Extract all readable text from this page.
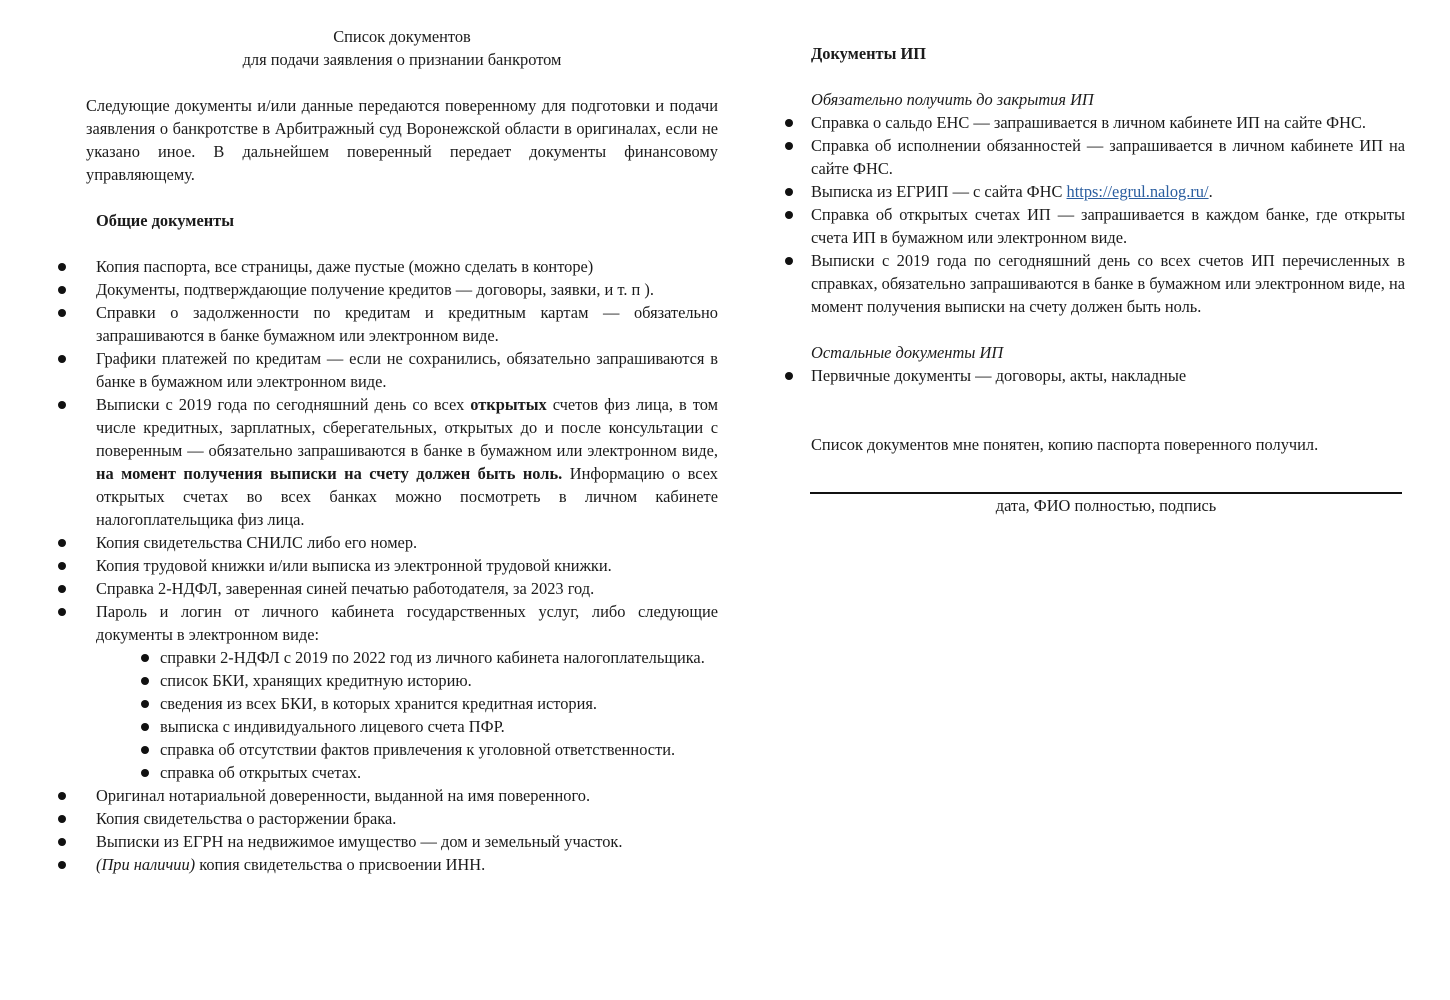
Список документов
для подачи заявления о признании банкротом

Следующие документы и/или данные передаются поверенному для подготовки и подачи заявления о банкротстве в Арбитражный суд Воронежской области в оригиналах, если не указано иное. В дальнейшем поверенный передает документы финансовому управляющему.

Общие документы

Копия паспорта, все страницы, даже пустые (можно сделать в конторе)
Документы, подтверждающие получение кредитов — договоры, заявки, и т. п ).
Справки о задолженности по кредитам и кредитным картам — обязательно запрашиваются в банке бумажном или электронном виде.
Графики платежей по кредитам — если не сохранились, обязательно запрашиваются в банке в бумажном или электронном виде.
Выписки с 2019 года по сегодняшний день со всех открытых счетов физ лица, в том числе кредитных, зарплатных, сберегательных, открытых до и после консультации с поверенным — обязательно запрашиваются в банке в бумажном или электронном виде, на момент получения выписки на счету должен быть ноль. Информацию о всех открытых счетах во всех банках можно посмотреть в личном кабинете налогоплательщика физ лица.
Копия свидетельства СНИЛС либо его номер.
Копия трудовой книжки и/или выписка из электронной трудовой книжки.
Справка 2-НДФЛ, заверенная синей печатью работодателя, за 2023 год.
Пароль и логин от личного кабинета государственных услуг, либо следующие документы в электронном виде:
справки 2-НДФЛ с 2019 по 2022 год из личного кабинета налогоплательщика.
список БКИ, хранящих кредитную историю.
сведения из всех БКИ, в которых хранится кредитная история.
выписка с индивидуального лицевого счета ПФР.
справка об отсутствии фактов привлечения к уголовной ответственности.
справка об открытых счетах.
Оригинал нотариальной доверенности, выданной на имя поверенного.
Копия свидетельства о расторжении брака.
Выписки из ЕГРН на недвижимое имущество — дом и земельный участок.
(При наличии) копия свидетельства о присвоении ИНН.

Документы ИП

Обязательно получить до закрытия ИП

Справка о сальдо ЕНС — запрашивается в личном кабинете ИП на сайте ФНС.
Справка об исполнении обязанностей — запрашивается в личном кабинете ИП на сайте ФНС.
Выписка из ЕГРИП — с сайта ФНС https://egrul.nalog.ru/.
Справка об открытых счетах ИП — запрашивается в каждом банке, где открыты счета ИП в бумажном или электронном виде.
Выписки с 2019 года по сегодняшний день со всех счетов ИП перечисленных в справках, обязательно запрашиваются в банке в бумажном или электронном виде, на момент получения выписки на счету должен быть ноль.

Остальные документы ИП

Первичные документы — договоры, акты, накладные

Список документов мне понятен, копию паспорта поверенного получил.

дата, ФИО полностью, подпись
